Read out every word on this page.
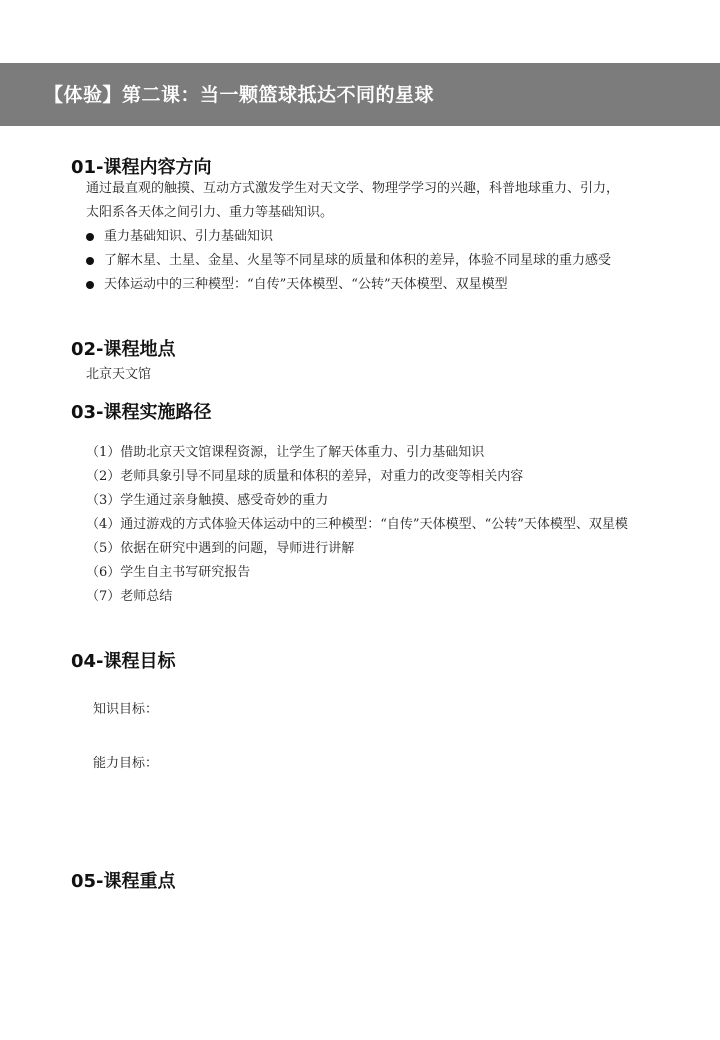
【体验】第二课：当一颗篮球抵达不同的星球
01-课程内容方向
通过最直观的触摸、互动方式激发学生对天文学、物理学学习的兴趣，科普地球重力、引力，
太阳系各天体之间引力、重力等基础知识。
重力基础知识、引力基础知识
了解木星、土星、金星、火星等不同星球的质量和体积的差异，体验不同星球的重力感受
天体运动中的三种模型：“自传”天体模型、“公转”天体模型、双星模型
02-课程地点
北京天文馆
03-课程实施路径
（1）借助北京天文馆课程资源，让学生了解天体重力、引力基础知识
（2）老师具象引导不同星球的质量和体积的差异，对重力的改变等相关内容
（3）学生通过亲身触摸、感受奇妙的重力
（4）通过游戏的方式体验天体运动中的三种模型：“自传”天体模型、“公转”天体模型、双星模
（5）依据在研究中遇到的问题，导师进行讲解
（6）学生自主书写研究报告
（7）老师总结
04-课程目标
知识目标：
能力目标：
05-课程重点
